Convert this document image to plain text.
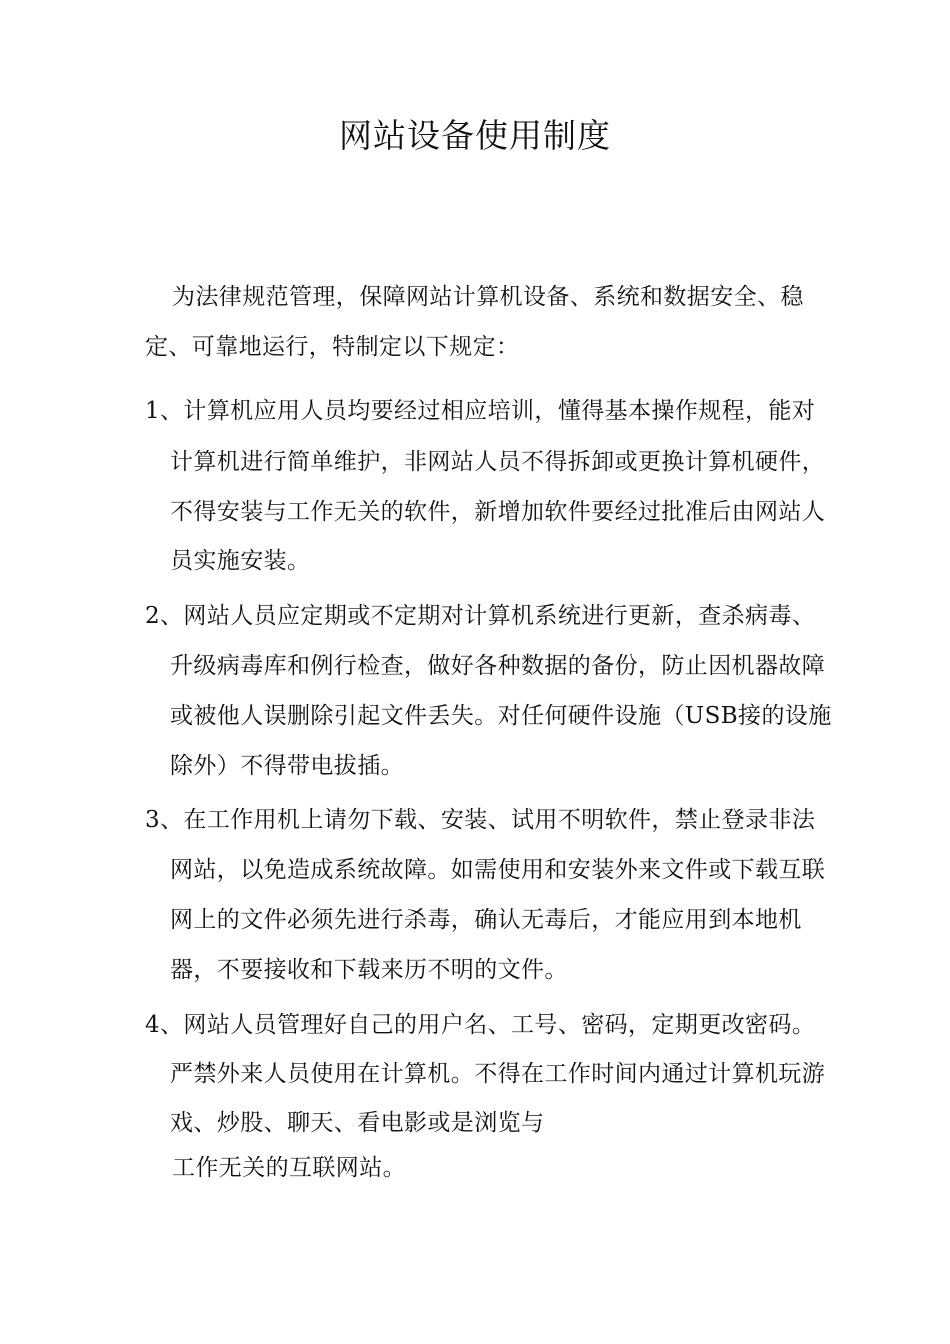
网站设备使用制度
为法律规范管理，保障网站计算机设备、系统和数据安全、稳
定、可靠地运行，特制定以下规定：
1、计算机应用人员均要经过相应培训，懂得基本操作规程，能对
计算机进行简单维护，非网站人员不得拆卸或更换计算机硬件，
不得安装与工作无关的软件，新增加软件要经过批准后由网站人
员实施安装。
2、网站人员应定期或不定期对计算机系统进行更新，查杀病毒、
升级病毒库和例行检查，做好各种数据的备份，防止因机器故障
或被他人误删除引起文件丢失。对任何硬件设施（USB接的设施
除外）不得带电拔插。
3、在工作用机上请勿下载、安装、试用不明软件，禁止登录非法
网站，以免造成系统故障。如需使用和安装外来文件或下载互联
网上的文件必须先进行杀毒，确认无毒后，才能应用到本地机
器，不要接收和下载来历不明的文件。
4、网站人员管理好自己的用户名、工号、密码，定期更改密码。
严禁外来人员使用在计算机。不得在工作时间内通过计算机玩游
戏、炒股、聊天、看电影或是浏览与
工作无关的互联网站。
